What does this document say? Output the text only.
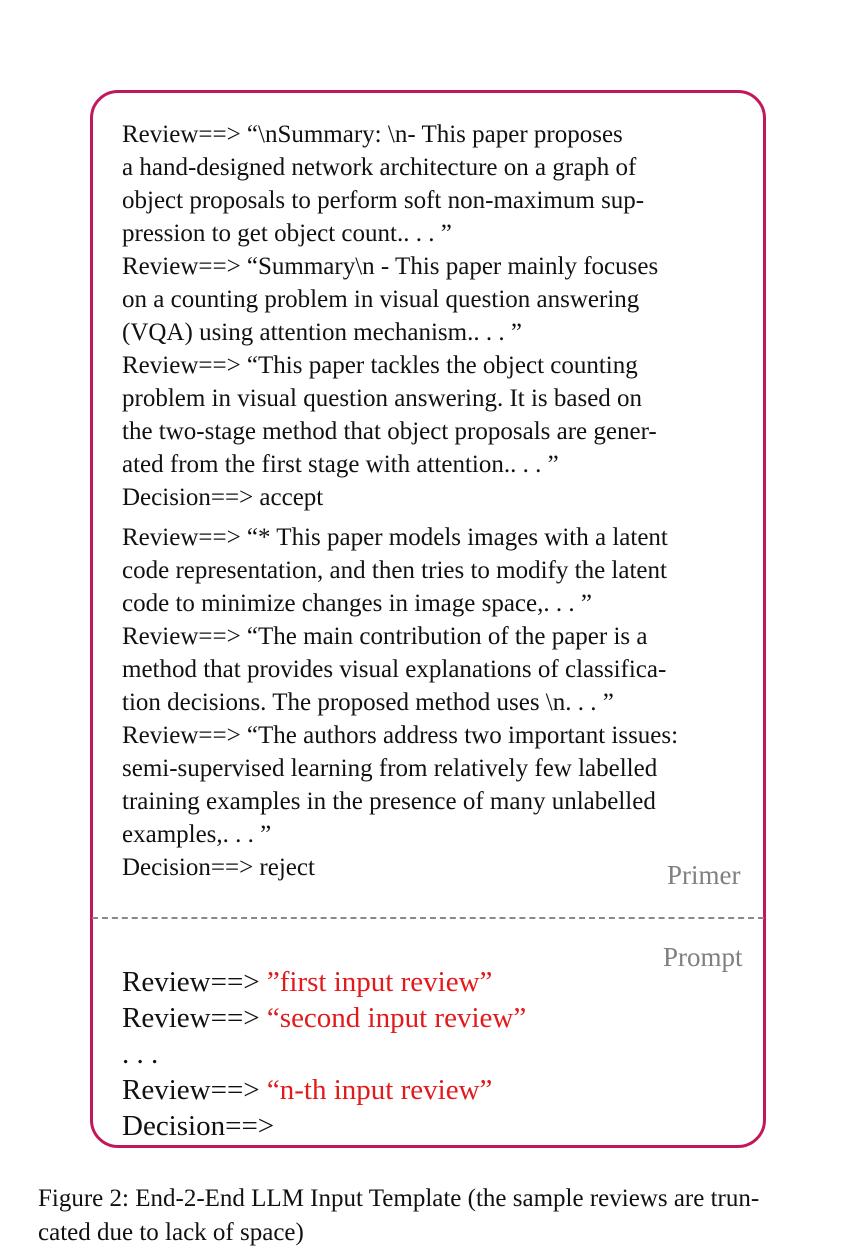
Review==> “\nSummary: \n- This paper proposes
a hand-designed network architecture on a graph of
object proposals to perform soft non-maximum sup-
pression to get object count.. . . ”

Review==> “Summary\n - This paper mainly focuses
on a counting problem in visual question answering
(VQA) using attention mechanism.. . . ”

Review==> “This paper tackles the object counting
problem in visual question answering. It is based on
the two-stage method that object proposals are gener-
ated from the first stage with attention.. . . ”

Decision==> accept

Review==> “* This paper models images with a latent
code representation, and then tries to modify the latent
code to minimize changes in image space,. . . ”

Review==> “The main contribution of the paper is a
method that provides visual explanations of classifica-
tion decisions. The proposed method uses \n. . . ”

Review==> “The authors address two important issues:
semi-supervised learning from relatively few labelled
training examples in the presence of many unlabelled
examples,. . . ”

Decision==> reject	Primer
Prompt
Review==> ”first input review”
Review==> “second input review”
. . .
Review==> “n-th input review”
Decision==>

Figure 2: End-2-End LLM Input Template (the sample reviews are trun-
cated due to lack of space)
